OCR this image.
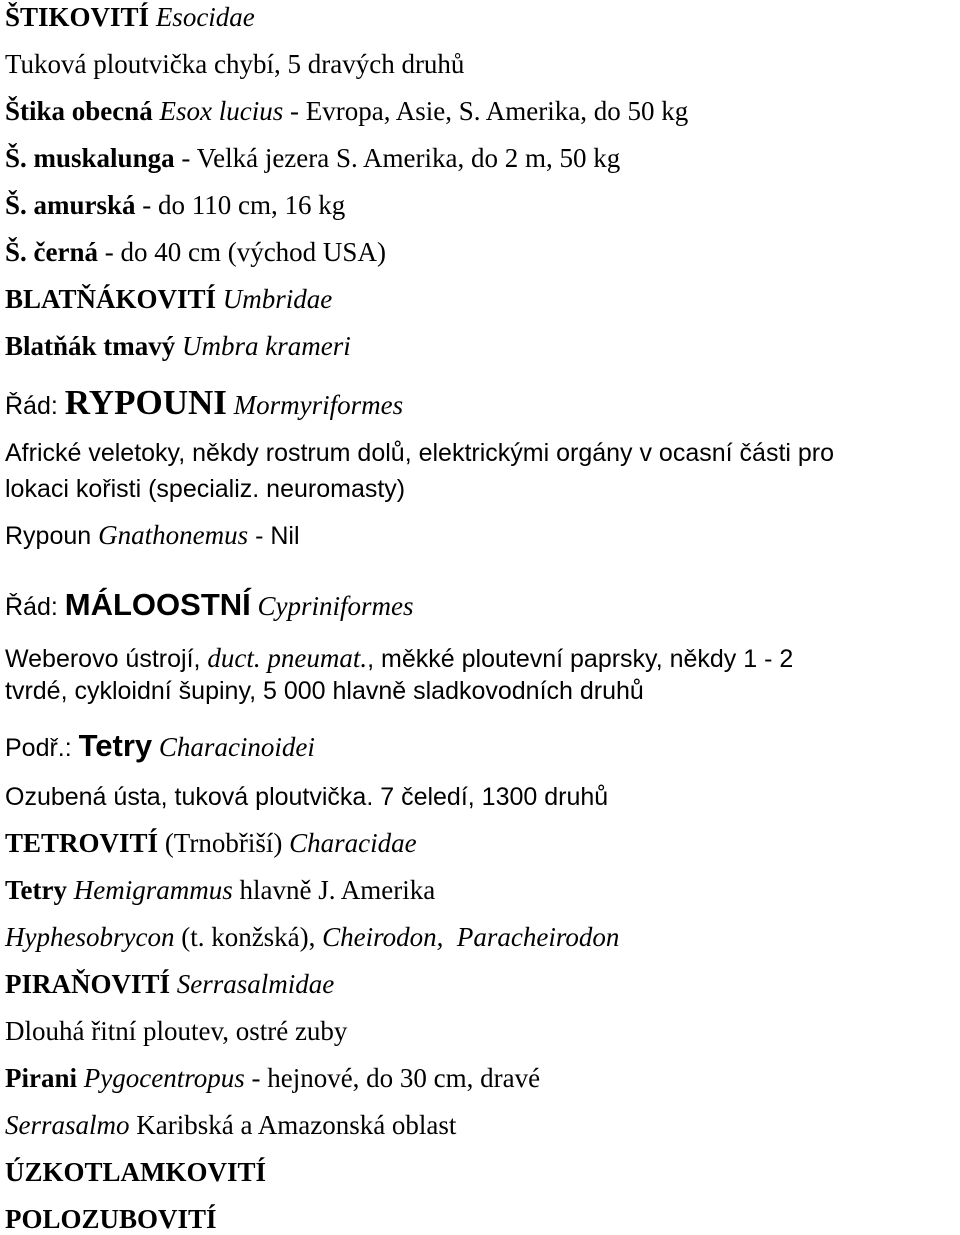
ŠTIKOVITÍ Esocidae
Tuková ploutvička chybí, 5 dravých druhů
Štika obecná Esox lucius - Evropa, Asie, S. Amerika, do 50 kg
Š. muskalunga - Velká jezera S. Amerika, do 2 m, 50 kg
Š. amurská - do 110 cm, 16 kg
Š. černá - do 40 cm (východ USA)
BLATŇÁKOVITÍ Umbridae
Blatňák tmavý Umbra krameri
Řád: RYPOUNI Mormyriformes
Africké veletoky, někdy rostrum dolů, elektrickými orgány v ocasní části pro
lokaci kořisti (specializ. neuromasty)
Rypoun Gnathonemus - Nil
Řád: MÁLOOSTNÍ Cypriniformes
Weberovo ústrojí, duct. pneumat., měkké ploutevní paprsky, někdy 1 - 2
tvrdé, cykloidní šupiny, 5 000 hlavně sladkovodních druhů
Podř.: Tetry Characinoidei
Ozubená ústa, tuková ploutvička. 7 čeledí, 1300 druhů
TETROVITÍ (Trnobřiší) Characidae
Tetry Hemigrammus hlavně J. Amerika
Hyphesobrycon (t. konžská), Cheirodon,  Paracheirodon
PIRAŇOVITÍ Serrasalmidae
Dlouhá řitní ploutev, ostré zuby
Pirani Pygocentropus - hejnové, do 30 cm, dravé
Serrasalmo Karibská a Amazonská oblast
ÚZKOTLAMKOVITÍ
POLOZUBOVITÍ
